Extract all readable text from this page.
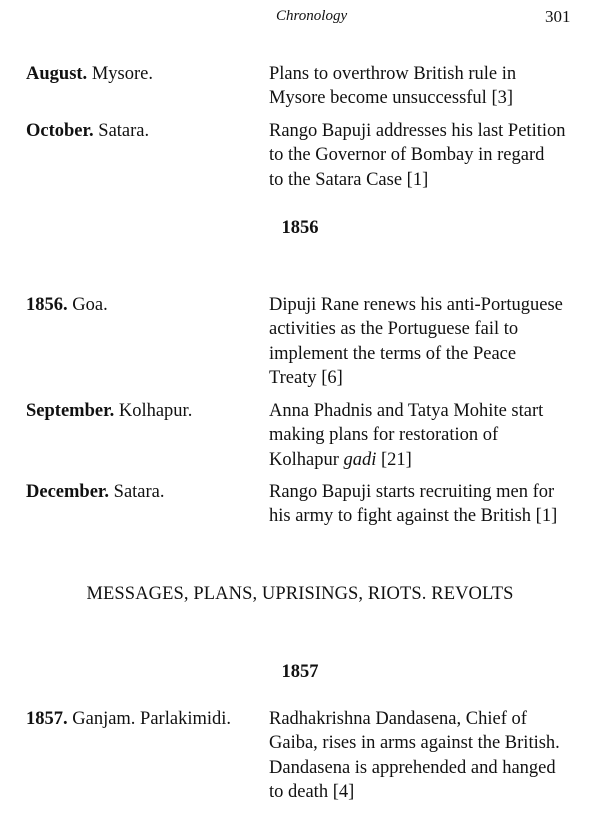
Chronology	301
August. Mysore.	Plans to overthrow British rule in
Mysore become unsuccessful [3]
October. Satara.	Rango Bapuji addresses his last Petition
to the Governor of Bombay in regard
to the Satara Case [1]
1856
1856. Goa.	Dipuji Rane renews his anti-Portuguese
activities as the Portuguese fail to
implement the terms of the Peace
Treaty [6]
September. Kolhapur.	Anna Phadnis and Tatya Mohite start
making plans for restoration of
Kolhapur gadi [21]
December. Satara.	Rango Bapuji starts recruiting men for
his army to fight against the British [1]
MESSAGES, PLANS, UPRISINGS, RIOTS. REVOLTS
1857
1857. Ganjam. Parlakimidi.	Radhakrishna Dandasena, Chief of
Gaiba, rises in arms against the British.
Dandasena is apprehended and hanged
to death [4]
